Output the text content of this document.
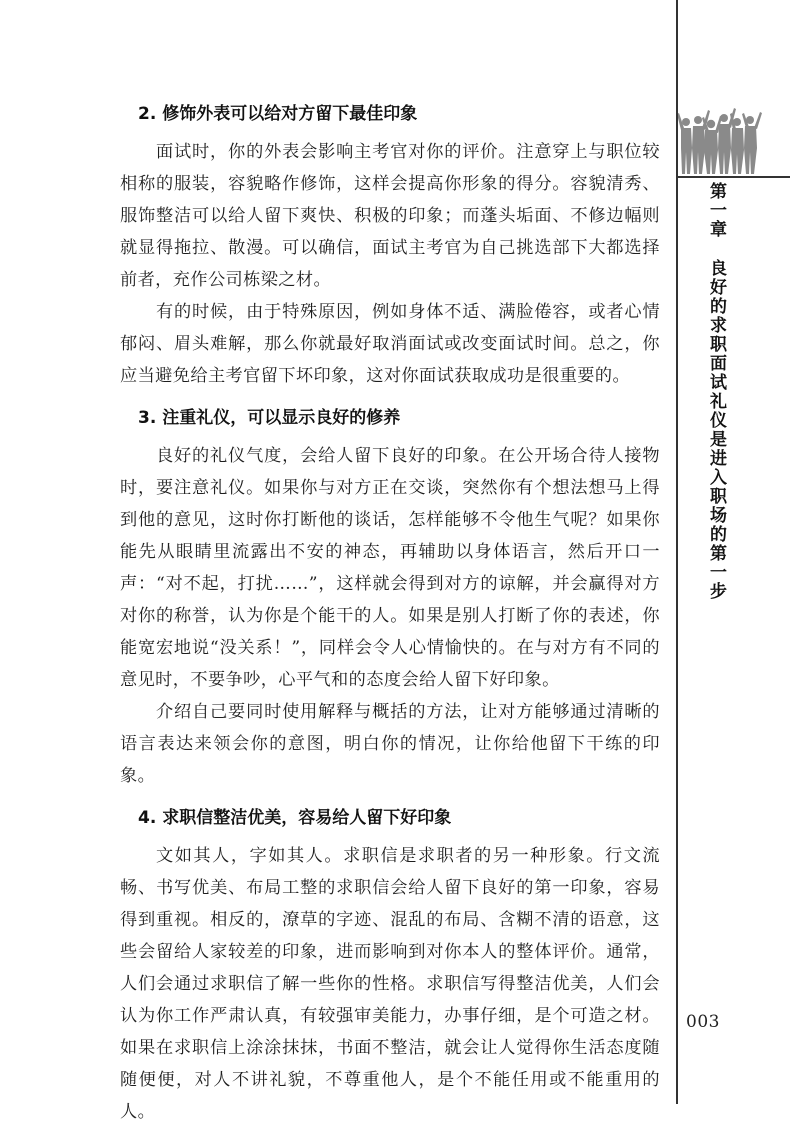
第一章良好的求职面试礼仪是进入职场的第一步
003
2. 修饰外表可以给对方留下最佳印象

面试时，你的外表会影响主考官对你的评价。注意穿上与职位较相称的服装，容貌略作修饰，这样会提高你形象的得分。容貌清秀、服饰整洁可以给人留下爽快、积极的印象；而蓬头垢面、不修边幅则就显得拖拉、散漫。可以确信，面试主考官为自己挑选部下大都选择前者，充作公司栋梁之材。

有的时候，由于特殊原因，例如身体不适、满脸倦容，或者心情郁闷、眉头难解，那么你就最好取消面试或改变面试时间。总之，你应当避免给主考官留下坏印象，这对你面试获取成功是很重要的。

3. 注重礼仪，可以显示良好的修养

良好的礼仪气度，会给人留下良好的印象。在公开场合待人接物时，要注意礼仪。如果你与对方正在交谈，突然你有个想法想马上得到他的意见，这时你打断他的谈话，怎样能够不令他生气呢？如果你能先从眼睛里流露出不安的神态，再辅助以身体语言，然后开口一声：“对不起，打扰……”，这样就会得到对方的谅解，并会赢得对方对你的称誉，认为你是个能干的人。如果是别人打断了你的表述，你能宽宏地说“没关系！”，同样会令人心情愉快的。在与对方有不同的意见时，不要争吵，心平气和的态度会给人留下好印象。

介绍自己要同时使用解释与概括的方法，让对方能够通过清晰的语言表达来领会你的意图，明白你的情况，让你给他留下干练的印象。

4. 求职信整洁优美，容易给人留下好印象

文如其人，字如其人。求职信是求职者的另一种形象。行文流畅、书写优美、布局工整的求职信会给人留下良好的第一印象，容易得到重视。相反的，潦草的字迹、混乱的布局、含糊不清的语意，这些会留给人家较差的印象，进而影响到对你本人的整体评价。通常，人们会通过求职信了解一些你的性格。求职信写得整洁优美，人们会认为你工作严肃认真，有较强审美能力，办事仔细，是个可造之材。如果在求职信上涂涂抹抹，书面不整洁，就会让人觉得你生活态度随随便便，对人不讲礼貌，不尊重他人，是个不能任用或不能重用的人。
